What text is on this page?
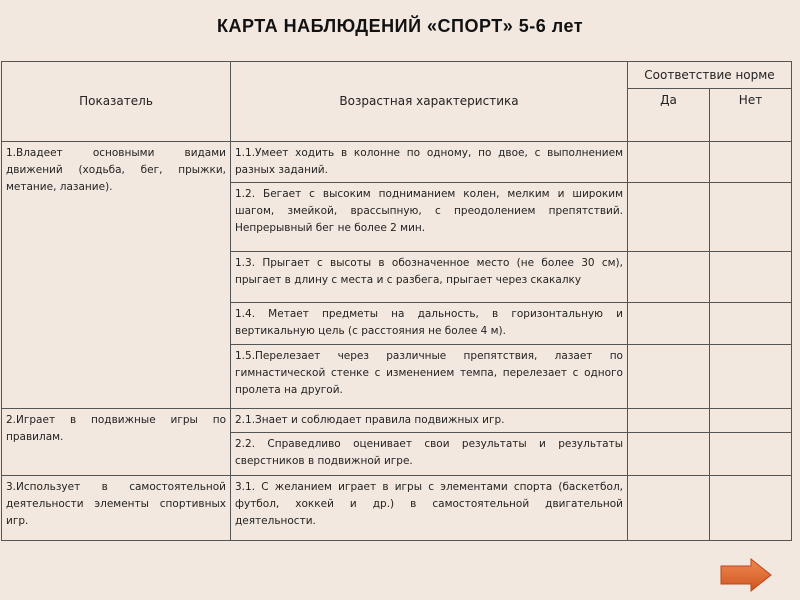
КАРТА НАБЛЮДЕНИЙ «СПОРТ» 5-6 лет
Показатель	Возрастная характеристика	Соответствие норме	
		Да	Нет
1.Владеет основными видами движений (ходьба, бег, прыжки, метание, лазание).	1.1.Умеет ходить в колонне по одному, по двое, с выполнением разных заданий.		
	1.2. Бегает с высоким подниманием колен, мелким и широким шагом, змейкой, врассыпную, с преодолением препятствий. Непрерывный бег не более 2 мин.		
	1.3. Прыгает с высоты в обозначенное место (не более 30 см), прыгает в длину с места и с разбега, прыгает через скакалку		
	1.4. Метает предметы на дальность, в горизонтальную и вертикальную цель (с расстояния не более 4 м).		
	1.5.Перелезает через различные препятствия, лазает по гимнастической стенке с изменением темпа, перелезает с одного пролета на другой.		
2.Играет в подвижные игры по правилам.	2.1.Знает и соблюдает правила подвижных игр.		
	2.2. Справедливо оценивает свои результаты и результаты сверстников в подвижной игре.		
3.Использует в самостоятельной деятельности элементы спортивных игр.	3.1. С желанием играет в игры с элементами спорта (баскетбол, футбол, хоккей и др.) в самостоятельной двигательной деятельности.		
